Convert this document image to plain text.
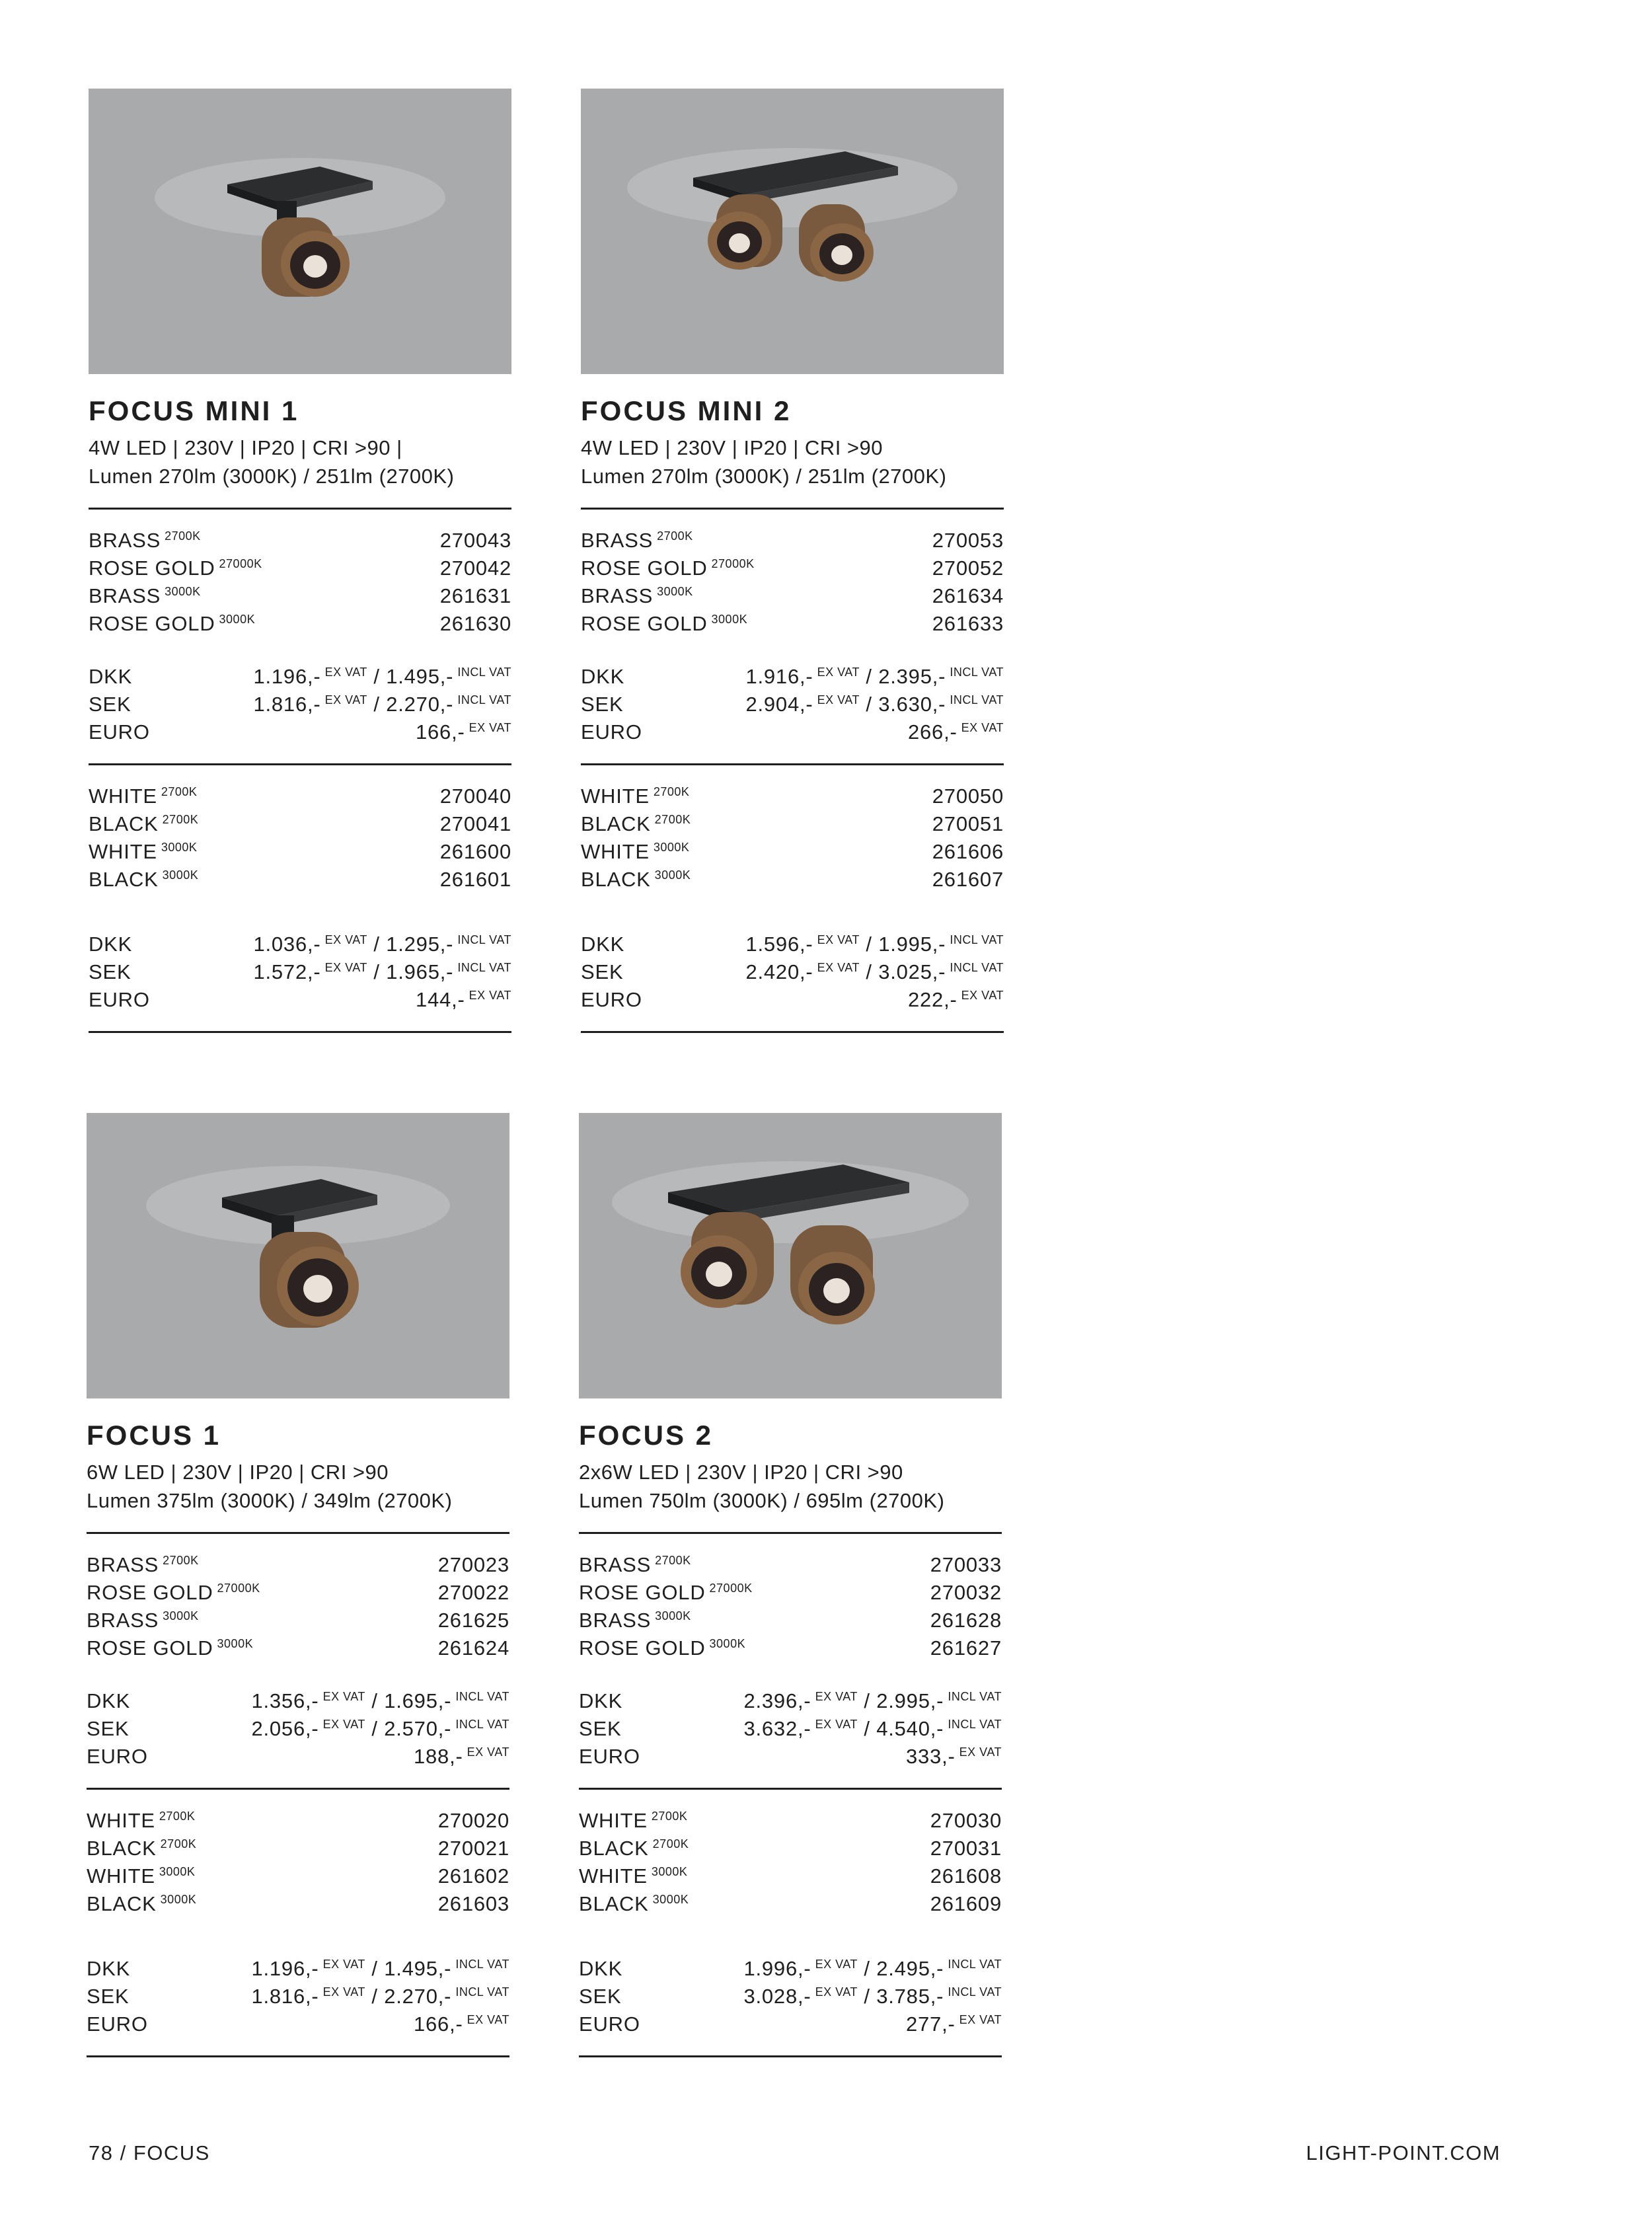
FOCUS MINI 1
4W LED | 230V | IP20 | CRI >90 |
Lumen 270lm (3000K) / 251lm (2700K)
BRASS $^{2700K}$	270043
ROSE GOLD $^{27000K}$	270042
BRASS $^{3000K}$	261631
ROSE GOLD $^{3000K}$	261630
DKK	1.196,- $^{EX VAT}$ / 1.495,- $^{INCL VAT}$
SEK	1.816,- $^{EX VAT}$ / 2.270,- $^{INCL VAT}$
EURO	166,- $^{EX VAT}$
WHITE $^{2700K}$	270040
BLACK $^{2700K}$	270041
WHITE $^{3000K}$	261600
BLACK $^{3000K}$	261601
DKK	1.036,- $^{EX VAT}$ / 1.295,- $^{INCL VAT}$
SEK	1.572,- $^{EX VAT}$ / 1.965,- $^{INCL VAT}$
EURO	144,- $^{EX VAT}$
FOCUS MINI 2
4W LED | 230V | IP20 | CRI >90
Lumen 270lm (3000K) / 251lm (2700K)
BRASS $^{2700K}$	270053
ROSE GOLD $^{27000K}$	270052
BRASS $^{3000K}$	261634
ROSE GOLD $^{3000K}$	261633
DKK	1.916,- $^{EX VAT}$ / 2.395,- $^{INCL VAT}$
SEK	2.904,- $^{EX VAT}$ / 3.630,- $^{INCL VAT}$
EURO	266,- $^{EX VAT}$
WHITE $^{2700K}$	270050
BLACK $^{2700K}$	270051
WHITE $^{3000K}$	261606
BLACK $^{3000K}$	261607
DKK	1.596,- $^{EX VAT}$ / 1.995,- $^{INCL VAT}$
SEK	2.420,- $^{EX VAT}$ / 3.025,- $^{INCL VAT}$
EURO	222,- $^{EX VAT}$
FOCUS 1
6W LED | 230V | IP20 | CRI >90
Lumen 375lm (3000K) / 349lm (2700K)
BRASS $^{2700K}$	270023
ROSE GOLD $^{27000K}$	270022
BRASS $^{3000K}$	261625
ROSE GOLD $^{3000K}$	261624
DKK	1.356,- $^{EX VAT}$ / 1.695,- $^{INCL VAT}$
SEK	2.056,- $^{EX VAT}$ / 2.570,- $^{INCL VAT}$
EURO	188,- $^{EX VAT}$
WHITE $^{2700K}$	270020
BLACK $^{2700K}$	270021
WHITE $^{3000K}$	261602
BLACK $^{3000K}$	261603
DKK	1.196,- $^{EX VAT}$ / 1.495,- $^{INCL VAT}$
SEK	1.816,- $^{EX VAT}$ / 2.270,- $^{INCL VAT}$
EURO	166,- $^{EX VAT}$
FOCUS 2
2x6W LED | 230V | IP20 | CRI >90
Lumen 750lm (3000K) / 695lm (2700K)
BRASS $^{2700K}$	270033
ROSE GOLD $^{27000K}$	270032
BRASS $^{3000K}$	261628
ROSE GOLD $^{3000K}$	261627
DKK	2.396,- $^{EX VAT}$ / 2.995,- $^{INCL VAT}$
SEK	3.632,- $^{EX VAT}$ / 4.540,- $^{INCL VAT}$
EURO	333,- $^{EX VAT}$
WHITE $^{2700K}$	270030
BLACK $^{2700K}$	270031
WHITE $^{3000K}$	261608
BLACK $^{3000K}$	261609
DKK	1.996,- $^{EX VAT}$ / 2.495,- $^{INCL VAT}$
SEK	3.028,- $^{EX VAT}$ / 3.785,- $^{INCL VAT}$
EURO	277,- $^{EX VAT}$
78 / FOCUS	LIGHT-POINT.COM
